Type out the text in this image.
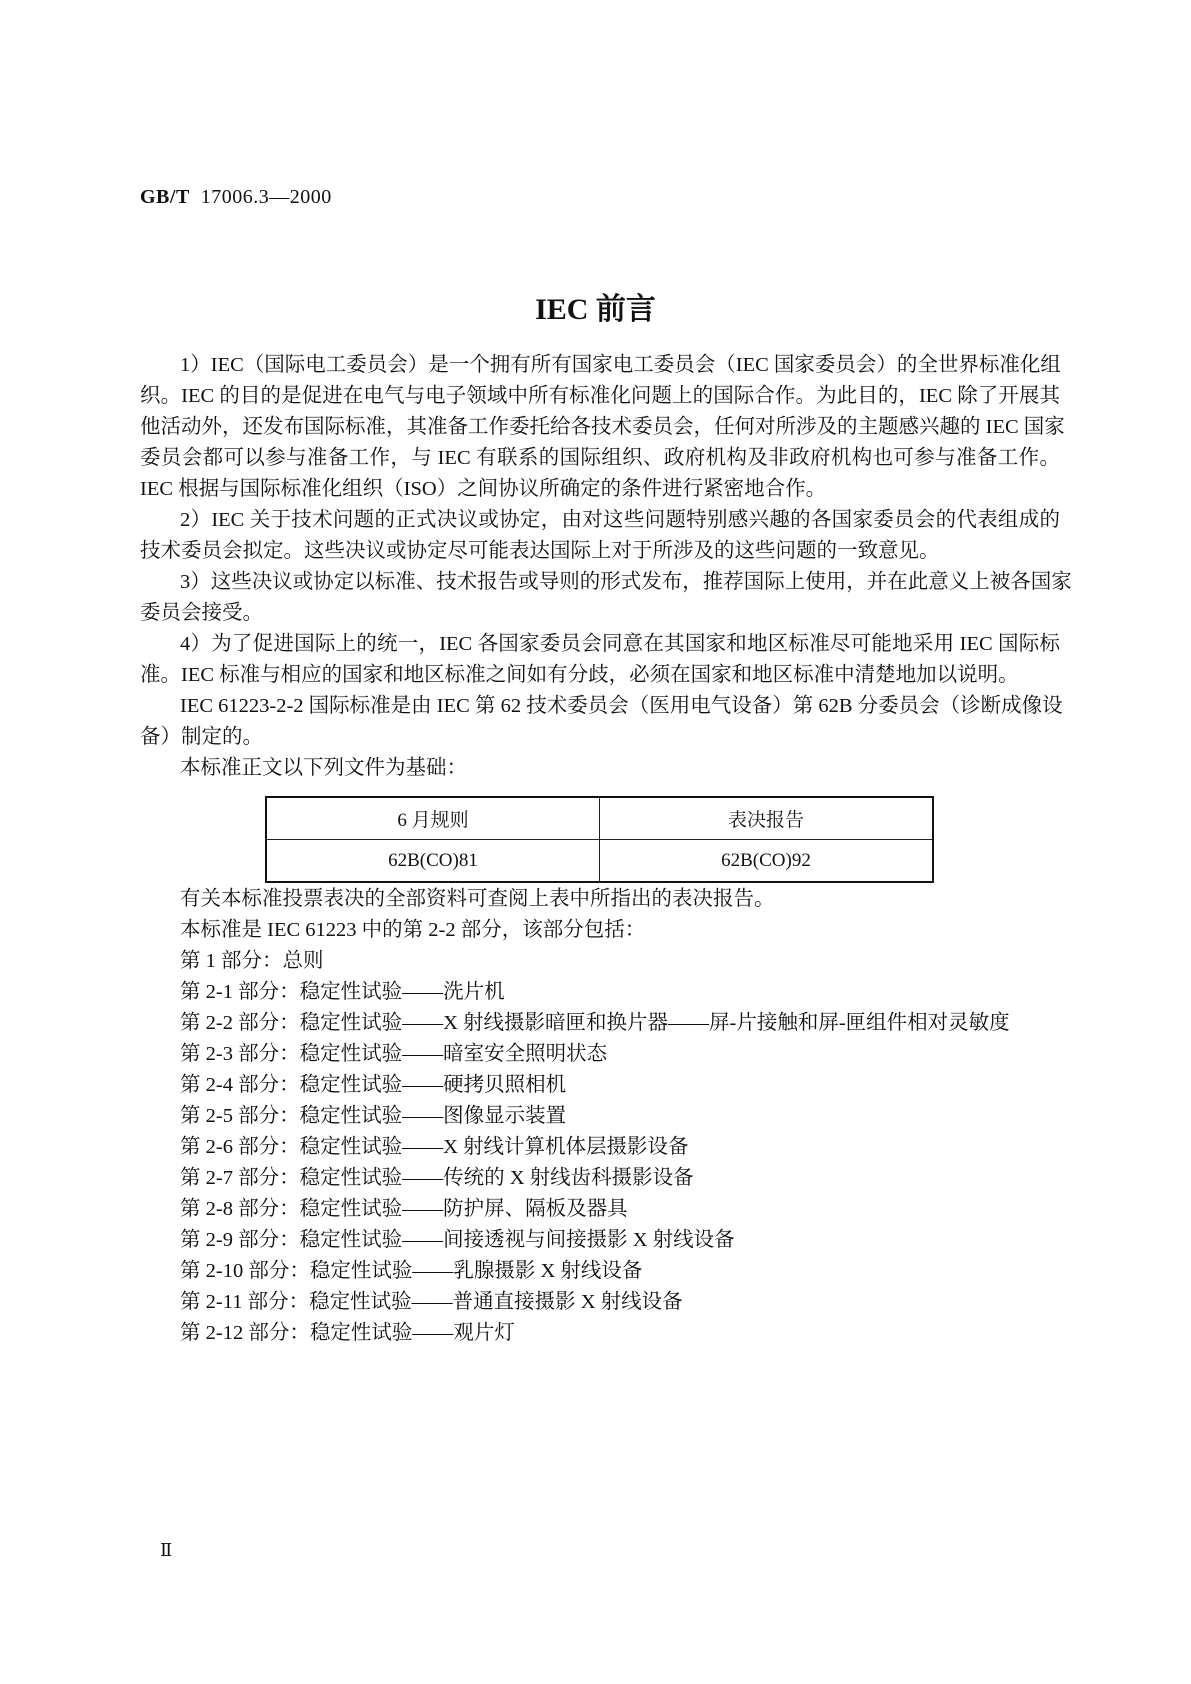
GB/T 17006.3—2000
IEC 前言
1）IEC（国际电工委员会）是一个拥有所有国家电工委员会（IEC 国家委员会）的全世界标准化组
织。IEC 的目的是促进在电气与电子领域中所有标准化问题上的国际合作。为此目的，IEC 除了开展其
他活动外，还发布国际标准，其准备工作委托给各技术委员会，任何对所涉及的主题感兴趣的 IEC 国家
委员会都可以参与准备工作，与 IEC 有联系的国际组织、政府机构及非政府机构也可参与准备工作。
IEC 根据与国际标准化组织（ISO）之间协议所确定的条件进行紧密地合作。
2）IEC 关于技术问题的正式决议或协定，由对这些问题特别感兴趣的各国家委员会的代表组成的
技术委员会拟定。这些决议或协定尽可能表达国际上对于所涉及的这些问题的一致意见。
3）这些决议或协定以标准、技术报告或导则的形式发布，推荐国际上使用，并在此意义上被各国家
委员会接受。
4）为了促进国际上的统一，IEC 各国家委员会同意在其国家和地区标准尽可能地采用 IEC 国际标
准。IEC 标准与相应的国家和地区标准之间如有分歧，必须在国家和地区标准中清楚地加以说明。
IEC 61223-2-2 国际标准是由 IEC 第 62 技术委员会（医用电气设备）第 62B 分委员会（诊断成像设
备）制定的。
本标准正文以下列文件为基础：
6 月规则	表决报告
62B(CO)81	62B(CO)92
有关本标准投票表决的全部资料可查阅上表中所指出的表决报告。
本标准是 IEC 61223 中的第 2-2 部分，该部分包括：
第 1 部分：总则
第 2-1 部分：稳定性试验——洗片机
第 2-2 部分：稳定性试验——X 射线摄影暗匣和换片器——屏-片接触和屏-匣组件相对灵敏度
第 2-3 部分：稳定性试验——暗室安全照明状态
第 2-4 部分：稳定性试验——硬拷贝照相机
第 2-5 部分：稳定性试验——图像显示装置
第 2-6 部分：稳定性试验——X 射线计算机体层摄影设备
第 2-7 部分：稳定性试验——传统的 X 射线齿科摄影设备
第 2-8 部分：稳定性试验——防护屏、隔板及器具
第 2-9 部分：稳定性试验——间接透视与间接摄影 X 射线设备
第 2-10 部分：稳定性试验——乳腺摄影 X 射线设备
第 2-11 部分：稳定性试验——普通直接摄影 X 射线设备
第 2-12 部分：稳定性试验——观片灯
Ⅱ
